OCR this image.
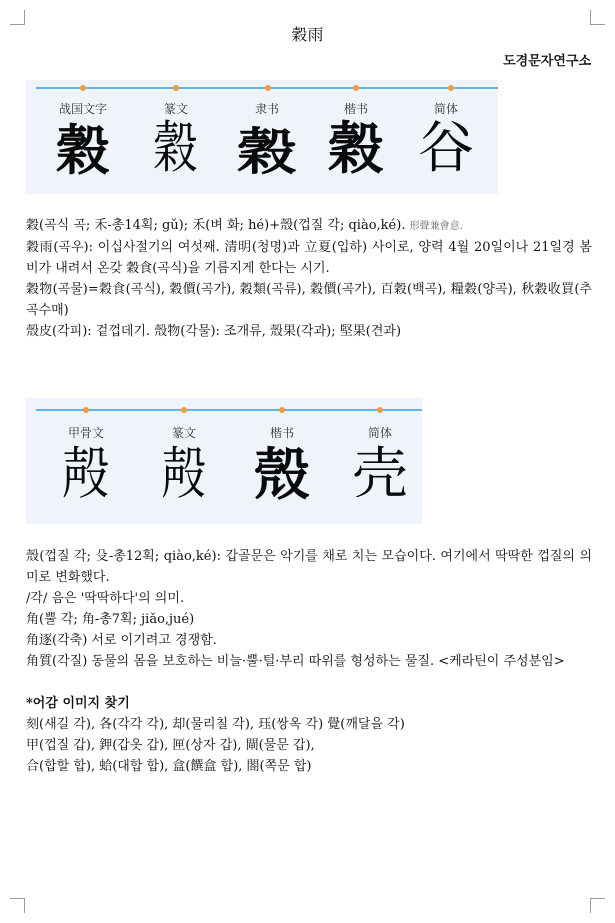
穀雨
도경문자연구소
战国文字
穀
篆文
穀
隶书
穀
楷书
穀
简体
谷

穀(곡식 곡; 禾-총14획; gǔ); 禾(벼 화; hé)+殼(껍질 각; qiào,ké). 形聲兼會意.

穀雨(곡우): 이십사절기의 여섯째. 清明(청명)과 立夏(입하) 사이로, 양력 4월 20일이나 21일경 봄비가 내려서 온갖 穀食(곡식)을 기름지게 한다는 시기.

穀物(곡물)=穀食(곡식), 穀價(곡가), 穀類(곡류), 穀價(곡가), 百穀(백곡), 糧穀(양곡), 秋穀收買(추곡수매)

殼皮(각피): 겉껍데기. 殼物(각물): 조개류, 殼果(각과); 堅果(견과)

甲骨文
殸
篆文
殸
楷书
殼
简体
壳

殼(껍질 각; 殳-총12획; qiào,ké): 갑골문은 악기를 채로 치는 모습이다. 여기에서 딱딱한 껍질의 의미로 변화했다.

/각/ 음은 '딱딱하다'의 의미.

角(뿔 각; 角-총7획; jiǎo,jué)

角逐(각축) 서로 이기려고 경쟁함.

角質(각질) 동물의 몸을 보호하는 비늘·뿔·털·부리 따위를 형성하는 물질. <케라틴이 주성분임>

*어감 이미지 찾기

刻(새길 각), 各(각각 각), 却(물리칠 각), 珏(쌍옥 각) 覺(깨달을 각)

甲(껍질 갑), 鉀(갑옷 갑), 匣(상자 갑), 閘(물문 갑),

合(합할 합), 蛤(대합 합), 盒(饌盒 합), 閤(쪽문 합)
